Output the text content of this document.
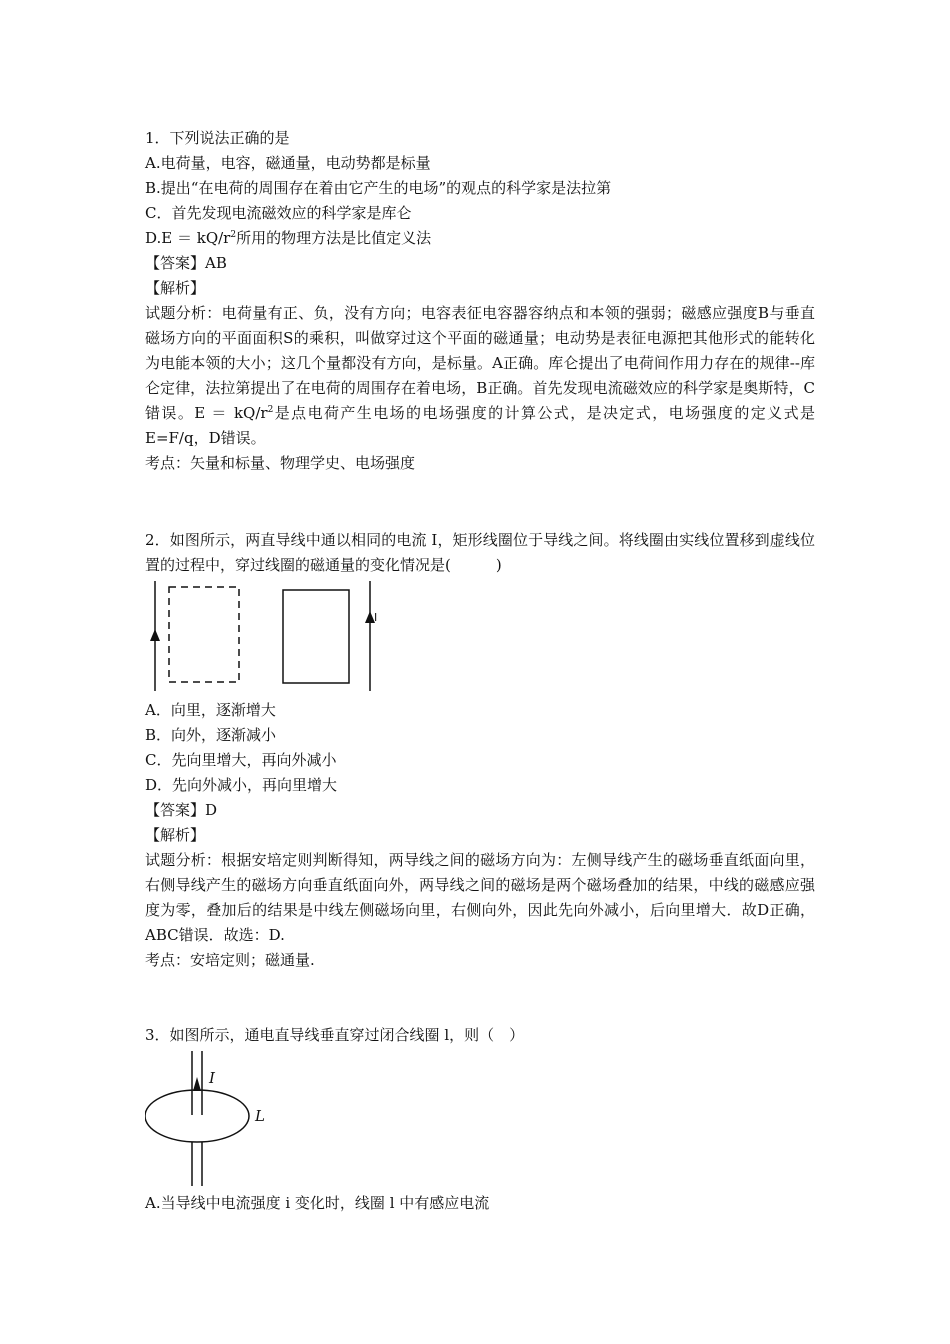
1．下列说法正确的是
A.电荷量，电容，磁通量，电动势都是标量
B.提出“在电荷的周围存在着由它产生的电场”的观点的科学家是法拉第
C．首先发现电流磁效应的科学家是库仑
$D.E = kQ/r^2$所用的物理方法是比值定义法
【答案】AB
【解析】
试题分析：电荷量有正、负，没有方向；电容表征电容器容纳点和本领的强弱；磁感应强度B与垂直磁场方向的平面面积S的乘积，叫做穿过这个平面的磁通量；电动势是表征电源把其他形式的能转化为电能本领的大小；这几个量都没有方向，是标量。A正确。库仑提出了电荷间作用力存在的规律--库仑定律，法拉第提出了在电荷的周围存在着电场，B正确。首先发现电流磁效应的科学家是奥斯特，C错误。$E = kQ/r^2$是点电荷产生电场的电场强度的计算公式，是决定式，电场强度的定义式是E=F/q，D错误。
考点：矢量和标量、物理学史、电场强度
2．如图所示，两直导线中通以相同的电流 I，矩形线圈位于导线之间。将线圈由实线位置移到虚线位置的过程中，穿过线圈的磁通量的变化情况是(　　　)
I
A．向里，逐渐增大
B．向外，逐渐减小
C．先向里增大，再向外减小
D．先向外减小，再向里增大
【答案】D
【解析】
试题分析：根据安培定则判断得知，两导线之间的磁场方向为：左侧导线产生的磁场垂直纸面向里，右侧导线产生的磁场方向垂直纸面向外，两导线之间的磁场是两个磁场叠加的结果，中线的磁感应强度为零，叠加后的结果是中线左侧磁场向里，右侧向外，因此先向外减小，后向里增大．故D正确，ABC错误．故选：D.
考点：安培定则；磁通量.
3．如图所示，通电直导线垂直穿过闭合线圈 l，则（　）
I
L
A.当导线中电流强度 i 变化时，线圈 l 中有感应电流
